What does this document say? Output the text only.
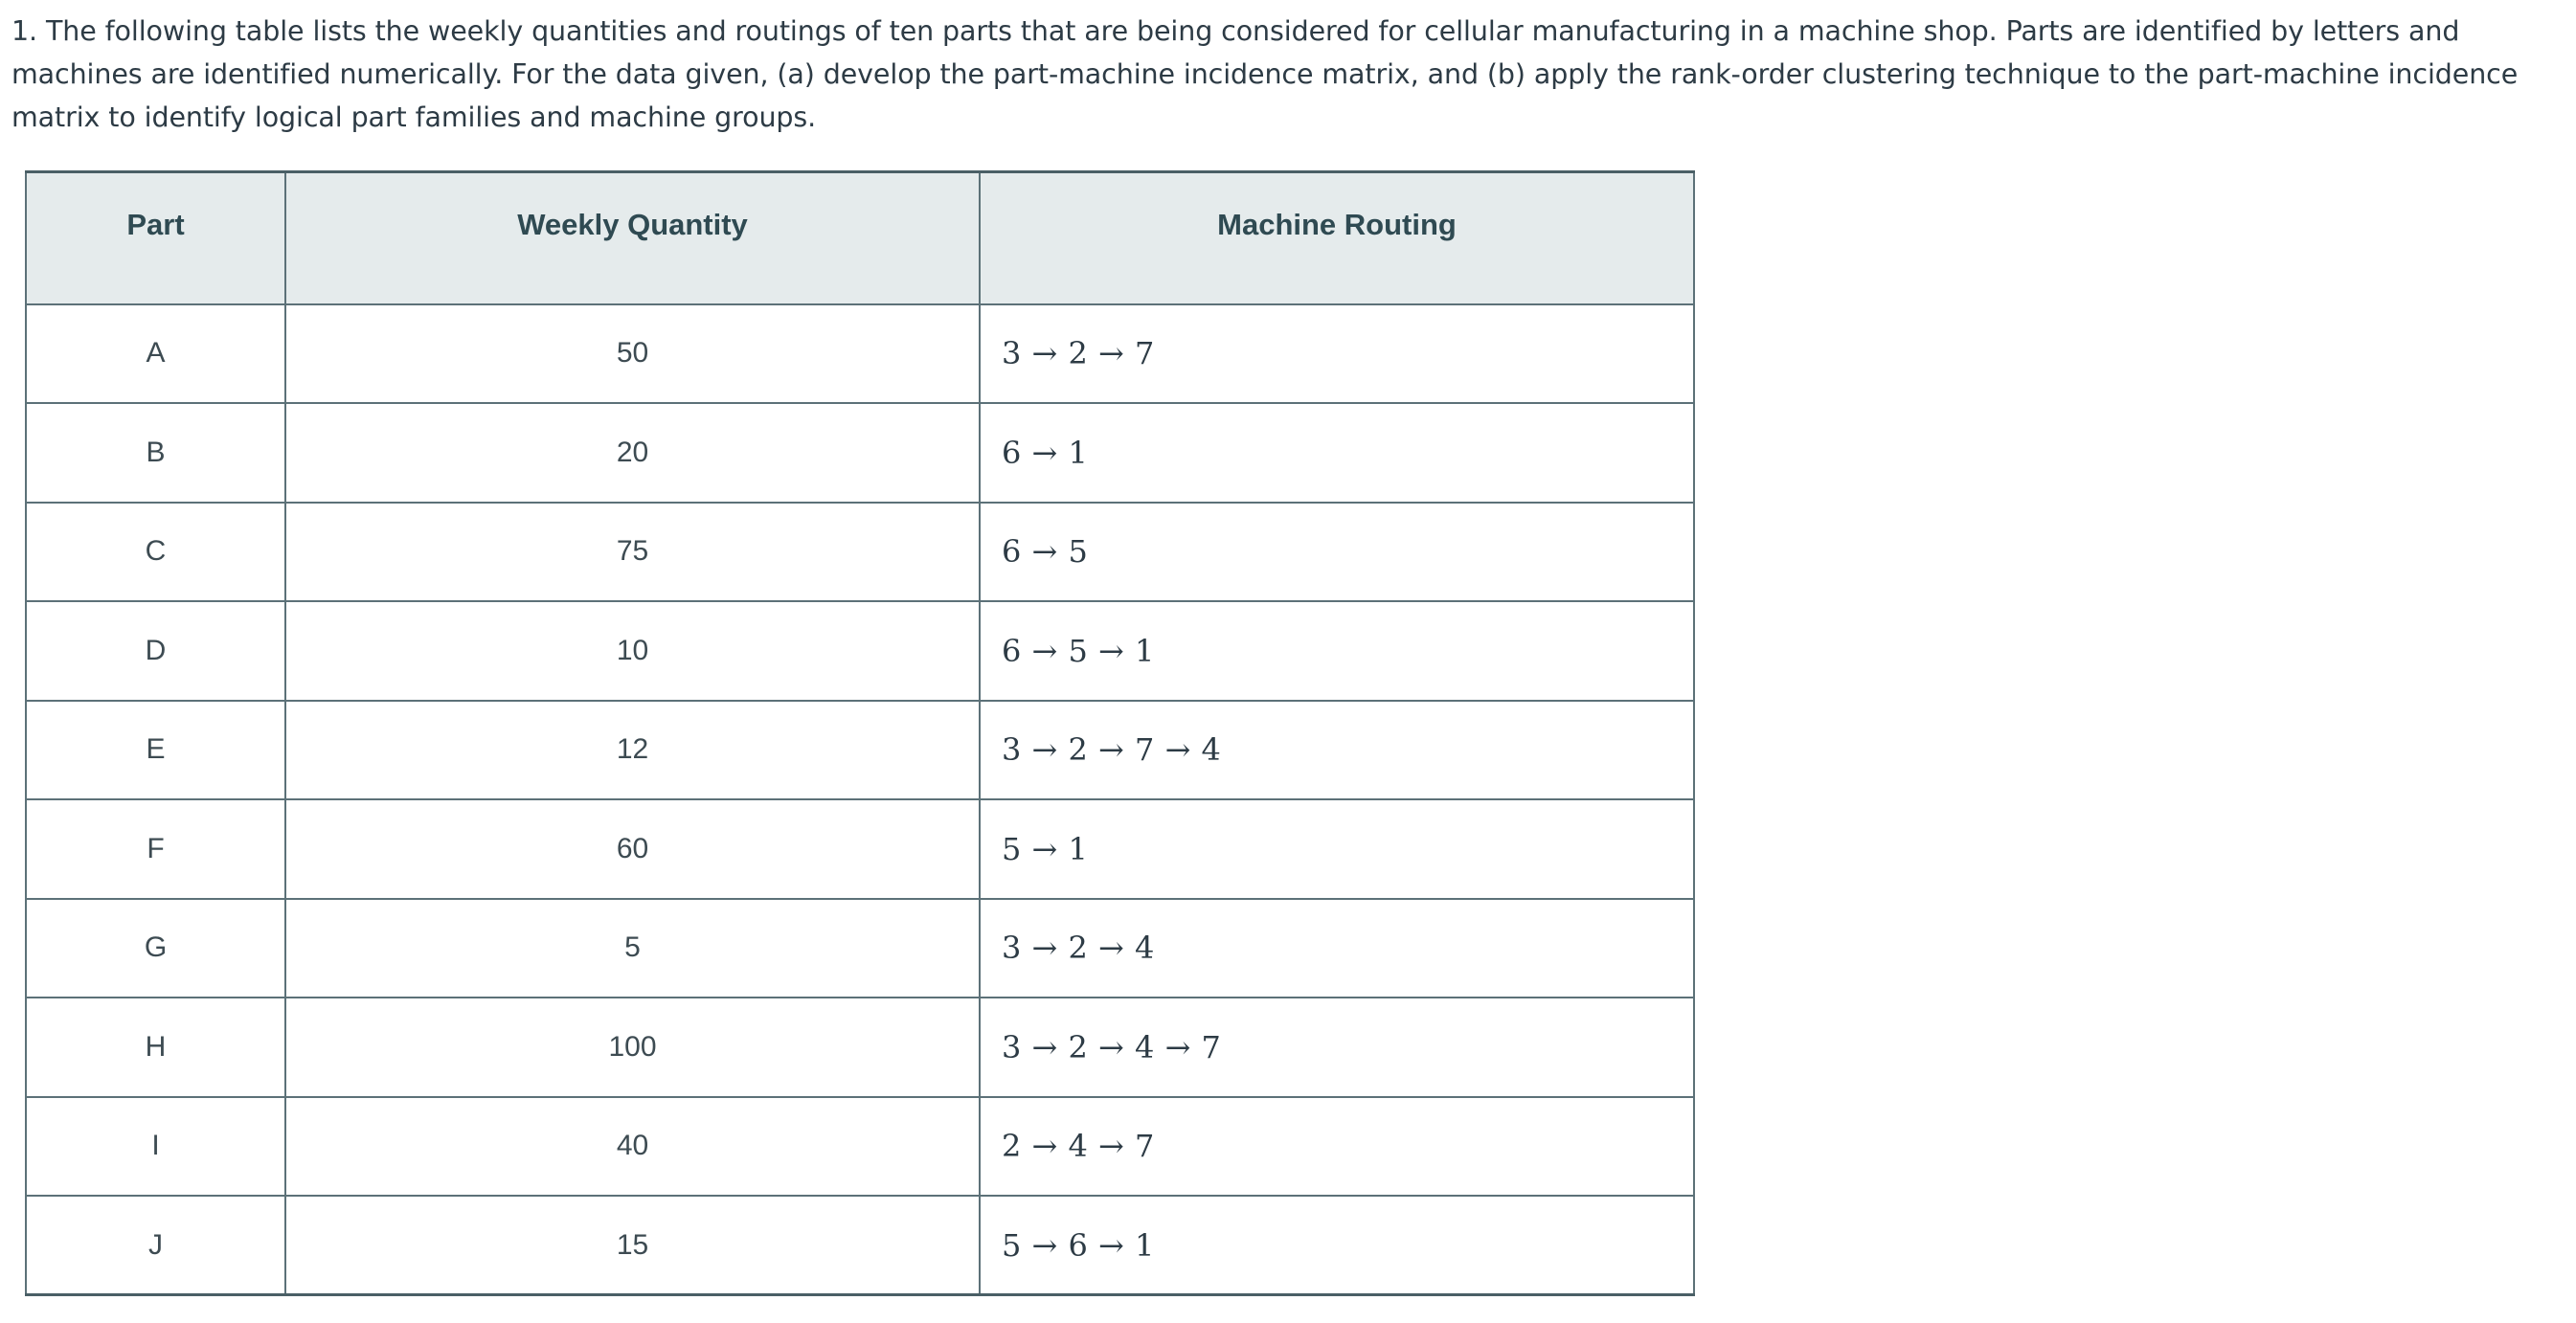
1. The following table lists the weekly quantities and routings of ten parts that are being considered for cellular manufacturing in a machine shop. Parts are identified by letters and machines are identified numerically. For the data given, (a) develop the part-machine incidence matrix, and (b) apply the rank-order clustering technique to the part-machine incidence matrix to identify logical part families and machine groups.

Part	Weekly Quantity	Machine Routing
A	50	3 → 2 → 7
B	20	6 → 1
C	75	6 → 5
D	10	6 → 5 → 1
E	12	3 → 2 → 7 → 4
F	60	5 → 1
G	5	3 → 2 → 4
H	100	3 → 2 → 4 → 7
I	40	2 → 4 → 7
J	15	5 → 6 → 1
